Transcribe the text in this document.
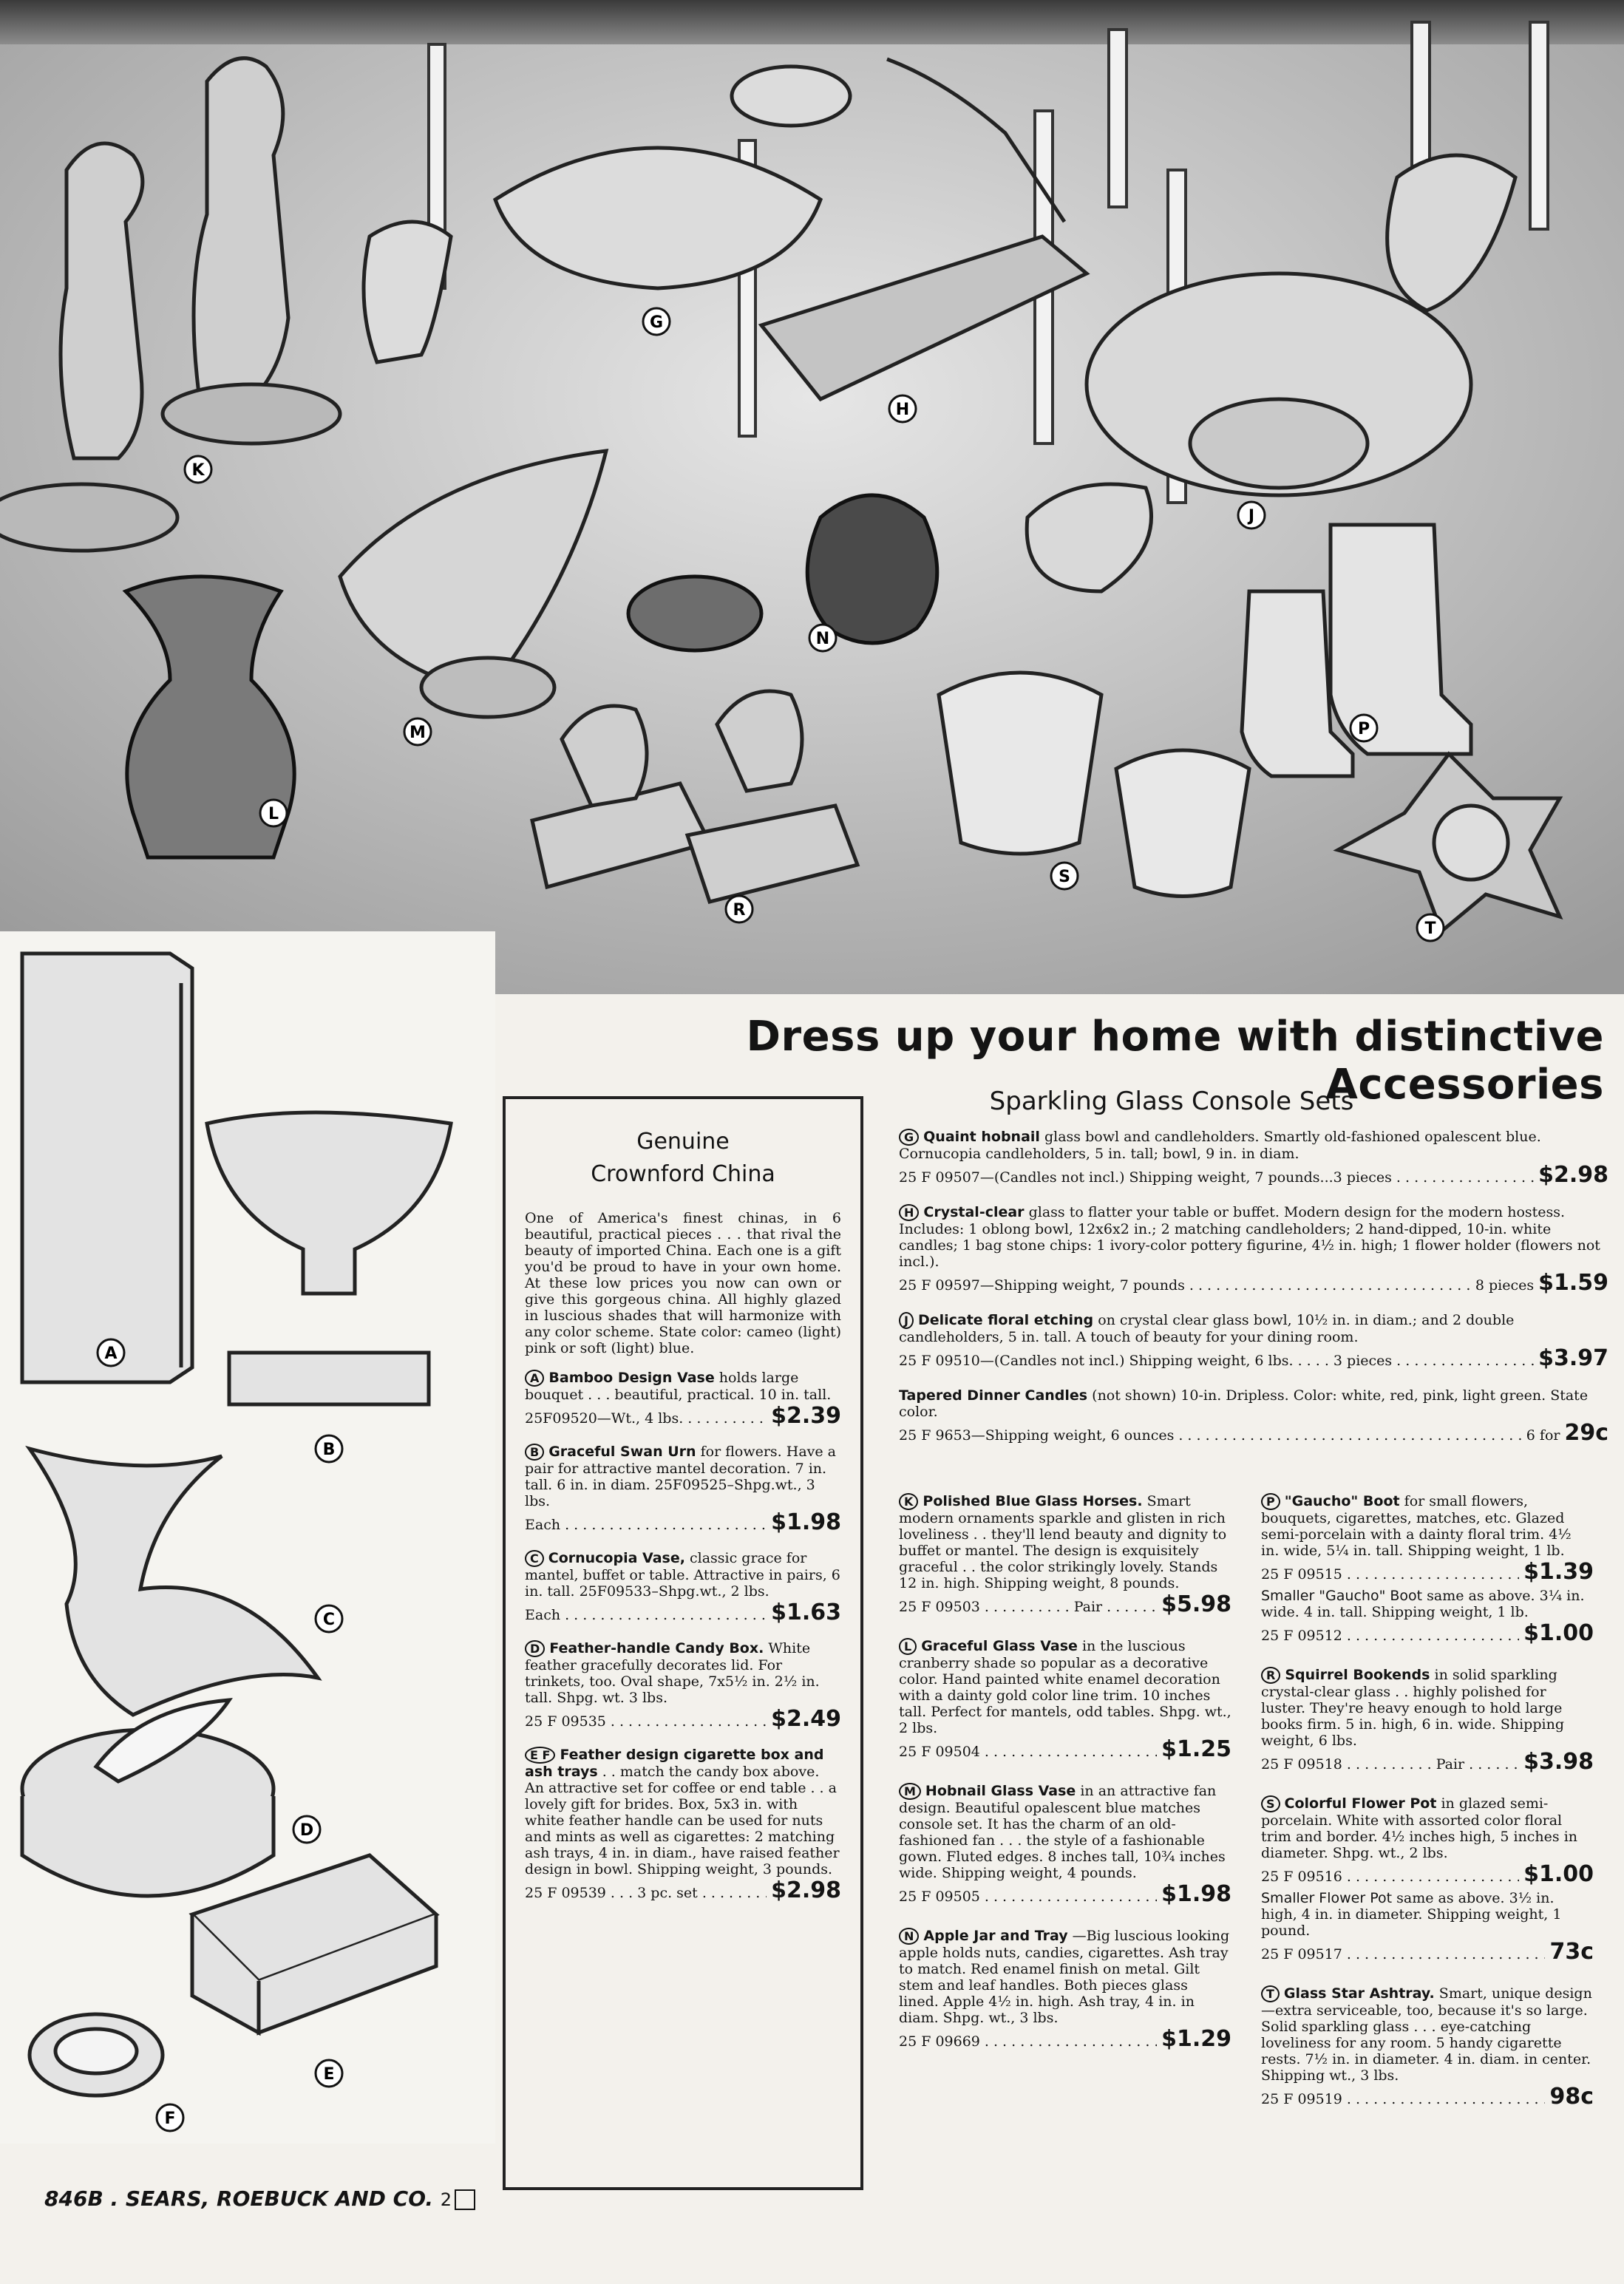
K
G
H
J
M
N
L
P
R
S
T
A
B
C
D
E
F
Dress up your home with distinctive Accessories
Sparkling Glass Console Sets
Genuine
Crownford China
One of America's finest chinas, in 6 beautiful, practical pieces . . . that rival the beauty of imported China. Each one is a gift you'd be proud to have in your own home. At these low prices you now can own or give this gorgeous china. All highly glazed in luscious shades that will harmonize with any color scheme. State color: cameo (light) pink or soft (light) blue.
A Bamboo Design Vase holds large bouquet . . . beautiful, practical. 10 in. tall.
25F09520—Wt., 4 lbs. . . .	$2.39
B Graceful Swan Urn for flowers. Have a pair for attractive mantel decoration. 7 in. tall. 6 in. in diam. 25F09525–Shpg.wt., 3 lbs.
Each . . .	$1.98
C Cornucopia Vase, classic grace for mantel, buffet or table. Attractive in pairs, 6 in. tall. 25F09533–Shpg.wt., 2 lbs.
Each . . .	$1.63
D Feather-handle Candy Box. White feather gracefully decorates lid. For trinkets, too. Oval shape, 7x5½ in. 2½ in. tall. Shpg. wt. 3 lbs.
25 F 09535 . . .	$2.49
E F Feather design cigarette box and ash trays . . match the candy box above. An attractive set for coffee or end table . . a lovely gift for brides. Box, 5x3 in. with white feather handle can be used for nuts and mints as well as cigarettes: 2 matching ash trays, 4 in. in diam., have raised feather design in bowl. Shipping weight, 3 pounds.
25 F 09539 . . . 3 pc. set . . .	$2.98
G Quaint hobnail glass bowl and candleholders. Smartly old-fashioned opalescent blue. Cornucopia candleholders, 5 in. tall; bowl, 9 in. in diam.
25 F 09507—(Candles not incl.) Shipping weight, 7 pounds...3 pieces . . .	$2.98
H Crystal-clear glass to flatter your table or buffet. Modern design for the modern hostess. Includes: 1 oblong bowl, 12x6x2 in.; 2 matching candleholders; 2 hand-dipped, 10-in. white candles; 1 bag stone chips: 1 ivory-color pottery figurine, 4½ in. high; 1 flower holder (flowers not incl.).
25 F 09597—Shipping weight, 7 pounds . . .	8 pieces $1.59
J Delicate floral etching on crystal clear glass bowl, 10½ in. in diam.; and 2 double candleholders, 5 in. tall. A touch of beauty for your dining room.
25 F 09510—(Candles not incl.) Shipping weight, 6 lbs. . . . . 3 pieces . . .	$3.97
Tapered Dinner Candles (not shown) 10-in. Dripless. Color: white, red, pink, light green. State color.
25 F 9653—Shipping weight, 6 ounces . . .	6 for 29c
K Polished Blue Glass Horses. Smart modern ornaments sparkle and glisten in rich loveliness . . they'll lend beauty and dignity to buffet or mantel. The design is exquisitely graceful . . the color strikingly lovely. Stands 12 in. high. Shipping weight, 8 pounds.
25 F 09503 . . . . . . . . . . Pair . . .	$5.98
L Graceful Glass Vase in the luscious cranberry shade so popular as a decorative color. Hand painted white enamel decoration with a dainty gold color line trim. 10 inches tall. Perfect for mantels, odd tables. Shpg. wt., 2 lbs.
25 F 09504 . . .	$1.25
M Hobnail Glass Vase in an attractive fan design. Beautiful opalescent blue matches console set. It has the charm of an old-fashioned fan . . . the style of a fashionable gown. Fluted edges. 8 inches tall, 10¾ inches wide. Shipping weight, 4 pounds.
25 F 09505 . . .	$1.98
N Apple Jar and Tray —Big luscious looking apple holds nuts, candies, cigarettes. Ash tray to match. Red enamel finish on metal. Gilt stem and leaf handles. Both pieces glass lined. Apple 4½ in. high. Ash tray, 4 in. in diam. Shpg. wt., 3 lbs.
25 F 09669 . . .	$1.29
P "Gaucho" Boot for small flowers, bouquets, cigarettes, matches, etc. Glazed semi-porcelain with a dainty floral trim. 4½ in. wide, 5¼ in. tall. Shipping weight, 1 lb.
25 F 09515 . . .	$1.39
Smaller "Gaucho" Boot same as above. 3¼ in. wide. 4 in. tall. Shipping weight, 1 lb.
25 F 09512 . . .	$1.00
R Squirrel Bookends in solid sparkling crystal-clear glass . . highly polished for luster. They're heavy enough to hold large books firm. 5 in. high, 6 in. wide. Shipping weight, 6 lbs.
25 F 09518 . . . . . . . . . . Pair . . .	$3.98
S Colorful Flower Pot in glazed semi-porcelain. White with assorted color floral trim and border. 4½ inches high, 5 inches in diameter. Shpg. wt., 2 lbs.
25 F 09516 . . .	$1.00
Smaller Flower Pot same as above. 3½ in. high, 4 in. in diameter. Shipping weight, 1 pound.
25 F 09517 . . .	73c
T Glass Star Ashtray. Smart, unique design—extra serviceable, too, because it's so large. Solid sparkling glass . . . eye-catching loveliness for any room. 5 handy cigarette rests. 7½ in. in diameter. 4 in. diam. in center. Shipping wt., 3 lbs.
25 F 09519 . . .	98c
846B . SEARS, ROEBUCK AND CO. 2
